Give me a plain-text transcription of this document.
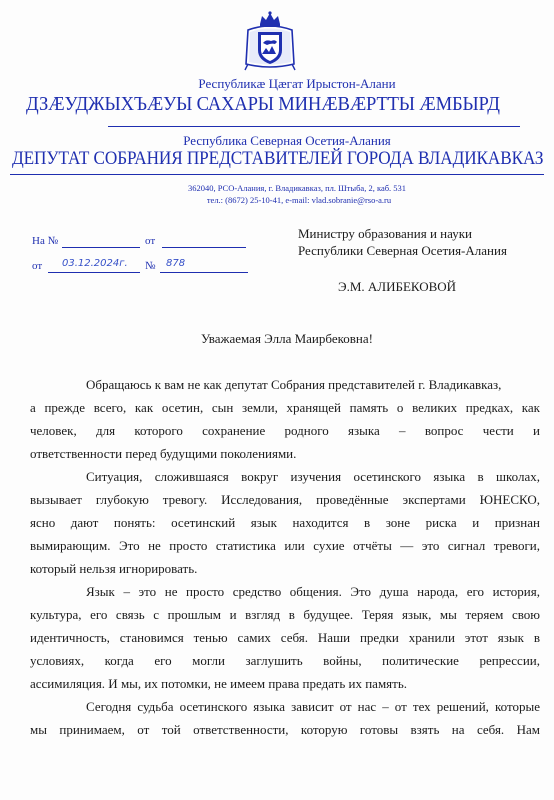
Республикæ Цæгат Ирыстон-Алани
ДЗÆУДЖЫХЪÆУЫ САХАРЫ МИНÆВÆРТТЫ ÆМБЫРД
Республика Северная Осетия-Алания
ДЕПУТАТ СОБРАНИЯ ПРЕДСТАВИТЕЛЕЙ ГОРОДА ВЛАДИКАВКАЗ
362040, РСО-Алания, г. Владикавказ, пл. Штыба, 2, каб. 531
тел.: (8672) 25-10-41, e-mail: vlad.sobranie@rso-a.ru
На №	от
от 03.12.2024г. № 878
Министру образования и науки
Республики Северная Осетия-Алания
Э.М. АЛИБЕКОВОЙ
Уважаемая Элла Маирбековна!
Обращаюсь к вам не как депутат Собрания представителей г. Владикавказ,
а прежде всего, как осетин, сын земли, хранящей память о великих предках, как
человек, для которого сохранение родного языка – вопрос чести и
ответственности перед будущими поколениями.
Ситуация, сложившаяся вокруг изучения осетинского языка в школах,
вызывает глубокую тревогу. Исследования, проведённые экспертами ЮНЕСКО,
ясно дают понять: осетинский язык находится в зоне риска и признан
вымирающим. Это не просто статистика или сухие отчёты — это сигнал тревоги,
который нельзя игнорировать.
Язык – это не просто средство общения. Это душа народа, его история,
культура, его связь с прошлым и взгляд в будущее. Теряя язык, мы теряем свою
идентичность, становимся тенью самих себя. Наши предки хранили этот язык в
условиях, когда его могли заглушить войны, политические репрессии,
ассимиляция. И мы, их потомки, не имеем права предать их память.
Сегодня судьба осетинского языка зависит от нас – от тех решений, которые
мы принимаем, от той ответственности, которую готовы взять на себя. Нам
